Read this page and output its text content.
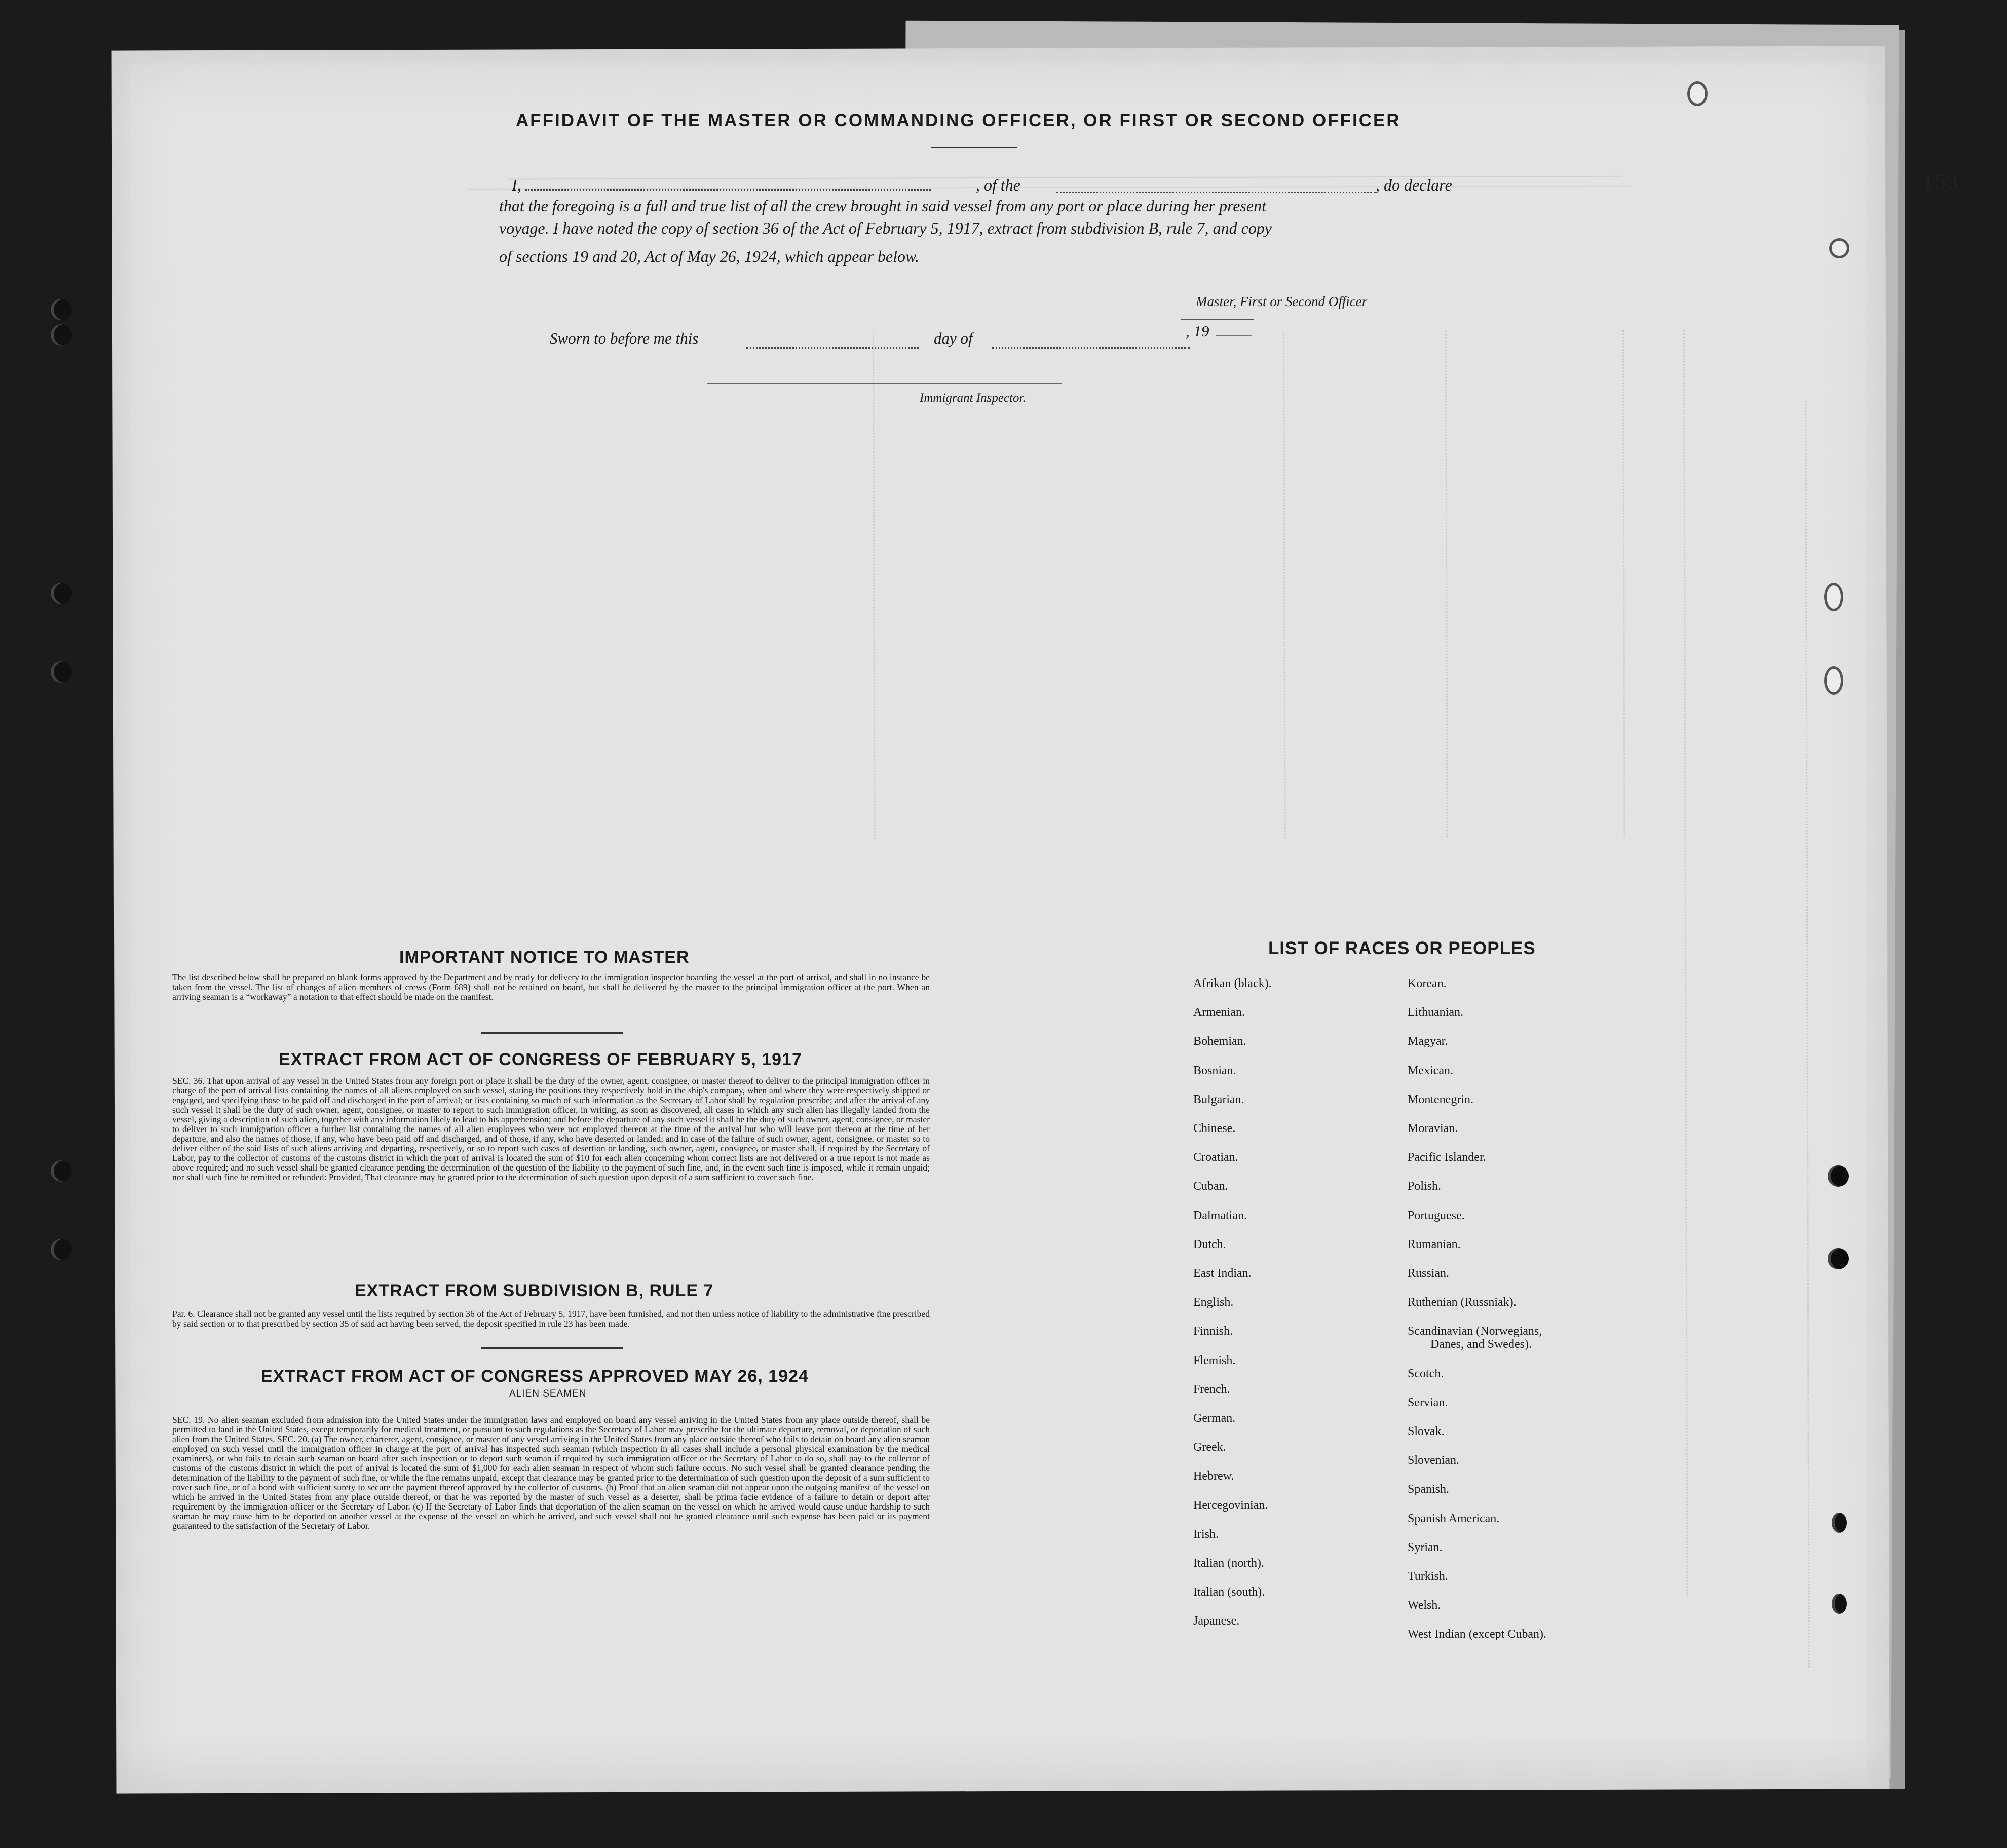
153
AFFIDAVIT OF THE MASTER OR COMMANDING OFFICER, OR FIRST OR SECOND OFFICER
I,	, of the	, do declare
that the foregoing is a full and true list of all the crew brought in said vessel from any port or place during her present
voyage. I have noted the copy of section 36 of the Act of February 5, 1917, extract from subdivision B, rule 7, and copy
of sections 19 and 20, Act of May 26, 1924, which appear below.
Master, First or Second Officer
Sworn to before me this	day of	, 19
Immigrant Inspector.
IMPORTANT NOTICE TO MASTER
The list described below shall be prepared on blank forms approved by the Department and by ready for delivery to the immigration inspector boarding the vessel at the port of arrival, and shall in no instance be taken from the vessel. The list of changes of alien members of crews (Form 689) shall not be retained on board, but shall be delivered by the master to the principal immigration officer at the port. When an arriving seaman is a “workaway” a notation to that effect should be made on the manifest.
EXTRACT FROM ACT OF CONGRESS OF FEBRUARY 5, 1917
SEC. 36. That upon arrival of any vessel in the United States from any foreign port or place it shall be the duty of the owner, agent, consignee, or master thereof to deliver to the principal immigration officer in charge of the port of arrival lists containing the names of all aliens employed on such vessel, stating the positions they respectively hold in the ship's company, when and where they were respectively shipped or engaged, and specifying those to be paid off and discharged in the port of arrival; or lists containing so much of such information as the Secretary of Labor shall by regulation prescribe; and after the arrival of any such vessel it shall be the duty of such owner, agent, consignee, or master to report to such immigration officer, in writing, as soon as discovered, all cases in which any such alien has illegally landed from the vessel, giving a description of such alien, together with any information likely to lead to his apprehension; and before the departure of any such vessel it shall be the duty of such owner, agent, consignee, or master to deliver to such immigration officer a further list containing the names of all alien employees who were not employed thereon at the time of the arrival but who will leave port thereon at the time of her departure, and also the names of those, if any, who have been paid off and discharged, and of those, if any, who have deserted or landed; and in case of the failure of such owner, agent, consignee, or master so to deliver either of the said lists of such aliens arriving and departing, respectively, or so to report such cases of desertion or landing, such owner, agent, consignee, or master shall, if required by the Secretary of Labor, pay to the collector of customs of the customs district in which the port of arrival is located the sum of $10 for each alien concerning whom correct lists are not delivered or a true report is not made as above required; and no such vessel shall be granted clearance pending the determination of the question of the liability to the payment of such fine, and, in the event such fine is imposed, while it remain unpaid; nor shall such fine be remitted or refunded: Provided, That clearance may be granted prior to the determination of such question upon deposit of a sum sufficient to cover such fine.
EXTRACT FROM SUBDIVISION B, RULE 7
Par. 6. Clearance shall not be granted any vessel until the lists required by section 36 of the Act of February 5, 1917, have been furnished, and not then unless notice of liability to the administrative fine prescribed by said section or to that prescribed by section 35 of said act having been served, the deposit specified in rule 23 has been made.
EXTRACT FROM ACT OF CONGRESS APPROVED MAY 26, 1924
ALIEN SEAMEN
SEC. 19. No alien seaman excluded from admission into the United States under the immigration laws and employed on board any vessel arriving in the United States from any place outside thereof, shall be permitted to land in the United States, except temporarily for medical treatment, or pursuant to such regulations as the Secretary of Labor may prescribe for the ultimate departure, removal, or deportation of such alien from the United States. SEC. 20. (a) The owner, charterer, agent, consignee, or master of any vessel arriving in the United States from any place outside thereof who fails to detain on board any alien seaman employed on such vessel until the immigration officer in charge at the port of arrival has inspected such seaman (which inspection in all cases shall include a personal physical examination by the medical examiners), or who fails to detain such seaman on board after such inspection or to deport such seaman if required by such immigration officer or the Secretary of Labor to do so, shall pay to the collector of customs of the customs district in which the port of arrival is located the sum of $1,000 for each alien seaman in respect of whom such failure occurs. No such vessel shall be granted clearance pending the determination of the liability to the payment of such fine, or while the fine remains unpaid, except that clearance may be granted prior to the determination of such question upon the deposit of a sum sufficient to cover such fine, or of a bond with sufficient surety to secure the payment thereof approved by the collector of customs. (b) Proof that an alien seaman did not appear upon the outgoing manifest of the vessel on which he arrived in the United States from any place outside thereof, or that he was reported by the master of such vessel as a deserter, shall be prima facie evidence of a failure to detain or deport after requirement by the immigration officer or the Secretary of Labor. (c) If the Secretary of Labor finds that deportation of the alien seaman on the vessel on which he arrived would cause undue hardship to such seaman he may cause him to be deported on another vessel at the expense of the vessel on which he arrived, and such vessel shall not be granted clearance until such expense has been paid or its payment guaranteed to the satisfaction of the Secretary of Labor.
LIST OF RACES OR PEOPLES
Afrikan (black).
Armenian.
Bohemian.
Bosnian.
Bulgarian.
Chinese.
Croatian.
Cuban.
Dalmatian.
Dutch.
East Indian.
English.
Finnish.
Flemish.
French.
German.
Greek.
Hebrew.
Hercegovinian.
Irish.
Italian (north).
Italian (south).
Japanese.
Korean.
Lithuanian.
Magyar.
Mexican.
Montenegrin.
Moravian.
Pacific Islander.
Polish.
Portuguese.
Rumanian.
Russian.
Ruthenian (Russniak).
Scandinavian (Norwegians,
Danes, and Swedes).
Scotch.
Servian.
Slovak.
Slovenian.
Spanish.
Spanish American.
Syrian.
Turkish.
Welsh.
West Indian (except Cuban).
